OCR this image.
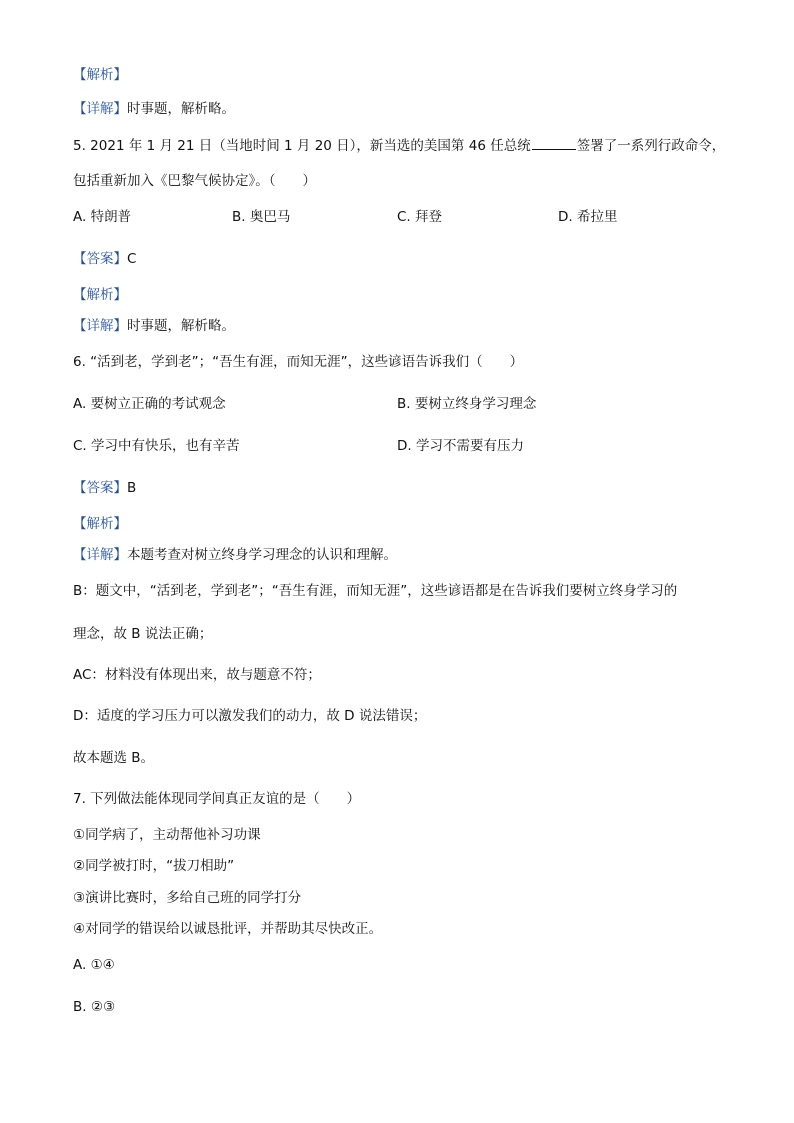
【解析】
【详解】时事题，解析略。
5. 2021 年 1 月 21 日（当地时间 1 月 20 日），新当选的美国第 46 任总统	签署了一系列行政命令，
包括重新加入《巴黎气候协定》。（　　）
A. 特朗普	B. 奥巴马	C. 拜登	D. 希拉里
【答案】C
【解析】
【详解】时事题，解析略。
6. “活到老，学到老”；“吾生有涯，而知无涯”，这些谚语告诉我们（　　）
A. 要树立正确的考试观念	B. 要树立终身学习理念
C. 学习中有快乐，也有辛苦	D. 学习不需要有压力
【答案】B
【解析】
【详解】本题考查对树立终身学习理念的认识和理解。
B：题文中，“活到老，学到老”；“吾生有涯，而知无涯”，这些谚语都是在告诉我们要树立终身学习的
理念，故 B 说法正确；
AC：材料没有体现出来，故与题意不符；
D：适度的学习压力可以激发我们的动力，故 D 说法错误；
故本题选 B。
7. 下列做法能体现同学间真正友谊的是（　　）
①同学病了，主动帮他补习功课
②同学被打时，“拔刀相助”
③演讲比赛时，多给自己班的同学打分
④对同学的错误给以诚恳批评，并帮助其尽快改正。
A. ①④
B. ②③
